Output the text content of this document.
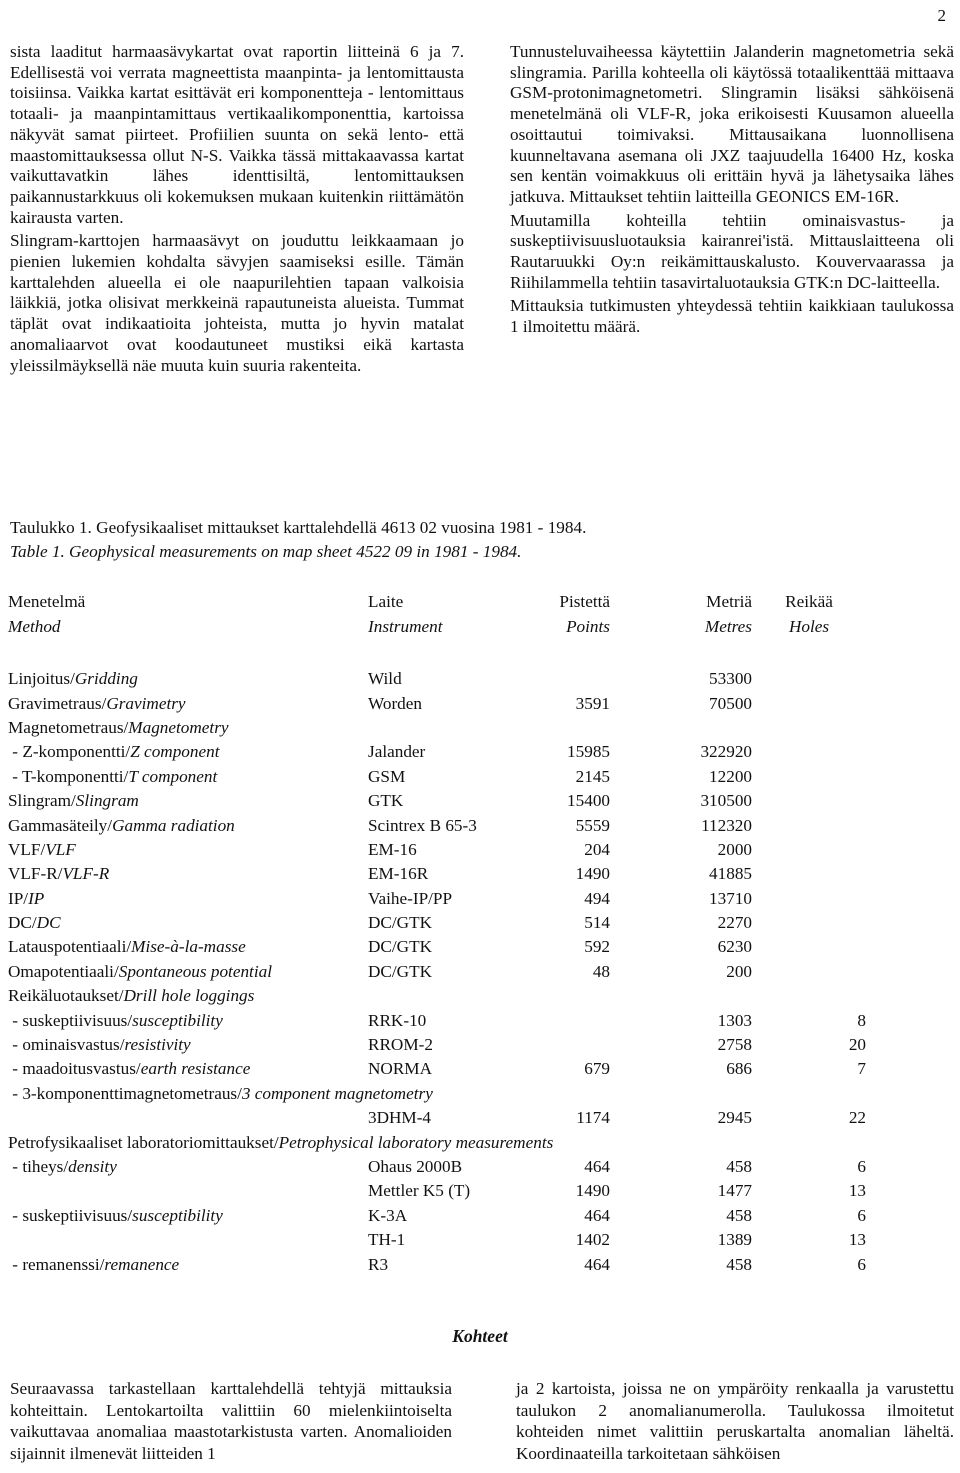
2

sista laaditut harmaasävykartat ovat raportin liitteinä 6 ja 7. Edellisestä voi verrata magneettista maanpinta- ja lentomittausta toisiinsa. Vaikka kartat esittävät eri komponentteja - lentomittaus totaali- ja maanpintamittaus vertikaalikomponenttia, kartoissa näkyvät samat piirteet. Profiilien suunta on sekä lento- että maastomittauksessa ollut N-S. Vaikka tässä mittakaavassa kartat vaikuttavatkin lähes identtisiltä, lentomittauksen paikannustarkkuus oli kokemuksen mukaan kuitenkin riittämätön kairausta varten.

Slingram-karttojen harmaasävyt on jouduttu leikkaamaan jo pienien lukemien kohdalta sävyjen saamiseksi esille. Tämän karttalehden alueella ei ole naapurilehtien tapaan valkoisia läikkiä, jotka olisivat merkkeinä rapautuneista alueista. Tummat täplät ovat indikaatioita johteista, mutta jo hyvin matalat anomaliaarvot ovat koodautuneet mustiksi eikä kartasta yleissilmäyksellä näe muuta kuin suuria rakenteita.

Tunnusteluvaiheessa käytettiin Jalanderin magnetometria sekä slingramia. Parilla kohteella oli käytössä totaalikenttää mittaava GSM-protonimagnetometri. Slingramin lisäksi sähköisenä menetelmänä oli VLF-R, joka erikoisesti Kuusamon alueella osoittautui toimivaksi. Mittausaikana luonnollisena kuunneltavana asemana oli JXZ taajuudella 16400 Hz, koska sen kentän voimakkuus oli erittäin hyvä ja lähetysaika lähes jatkuva. Mittaukset tehtiin laitteilla GEONICS EM-16R.

Muutamilla kohteilla tehtiin ominaisvastus- ja suskeptiivisuusluotauksia kairanrei'istä. Mittauslaitteena oli Rautaruukki Oy:n reikämittauskalusto. Kouvervaarassa ja Riihilammella tehtiin tasavirtaluotauksia GTK:n DC-laitteella.

Mittauksia tutkimusten yhteydessä tehtiin kaikkiaan taulukossa 1 ilmoitettu määrä.

Taulukko 1. Geofysikaaliset mittaukset karttalehdellä 4613 02 vuosina 1981 - 1984.
Table 1. Geophysical measurements on map sheet 4522 09 in 1981 - 1984.
Menetelmä	Laite	Pistettä	Metriä	Reikää	
Method	Instrument	Points	Metres	Holes	

Linjoitus/Gridding	Wild		53300		
Gravimetraus/Gravimetry	Worden	3591	70500		
Magnetometraus/Magnetometry					
- Z-komponentti/Z component	Jalander	15985	322920		
- T-komponentti/T component	GSM	2145	12200		
Slingram/Slingram	GTK	15400	310500		
Gammasäteily/Gamma radiation	Scintrex B 65-3	5559	112320		
VLF/VLF	EM-16	204	2000		
VLF-R/VLF-R	EM-16R	1490	41885		
IP/IP	Vaihe-IP/PP	494	13710		
DC/DC	DC/GTK	514	2270		
Latauspotentiaali/Mise-à-la-masse	DC/GTK	592	6230		
Omapotentiaali/Spontaneous potential	DC/GTK	48	200		
Reikäluotaukset/Drill hole loggings					
- suskeptiivisuus/susceptibility	RRK-10		1303	8	
- ominaisvastus/resistivity	RROM-2		2758	20	
- maadoitusvastus/earth resistance	NORMA	679	686	7	
- 3-komponenttimagnetometraus/3 component magnetometry					
	3DHM-4	1174	2945	22	
Petrofysikaaliset laboratoriomittaukset/Petrophysical laboratory measurements					
- tiheys/density	Ohaus 2000B	464	458	6	
	Mettler K5 (T)	1490	1477	13	
- suskeptiivisuus/susceptibility	K-3A	464	458	6	
	TH-1	1402	1389	13	
- remanenssi/remanence	R3	464	458	6	
Kohteet
Seuraavassa tarkastellaan karttalehdellä tehtyjä mittauksia kohteittain. Lentokartoilta valittiin 60 mielenkiintoiselta vaikuttavaa anomaliaa maastotarkistusta varten. Anomalioiden sijainnit ilmenevät liitteiden 1
ja 2 kartoista, joissa ne on ympäröity renkaalla ja varustettu taulukon 2 anomalianumerolla. Taulukossa ilmoitetut kohteiden nimet valittiin peruskartalta anomalian läheltä. Koordinaateilla tarkoitetaan sähköisen
